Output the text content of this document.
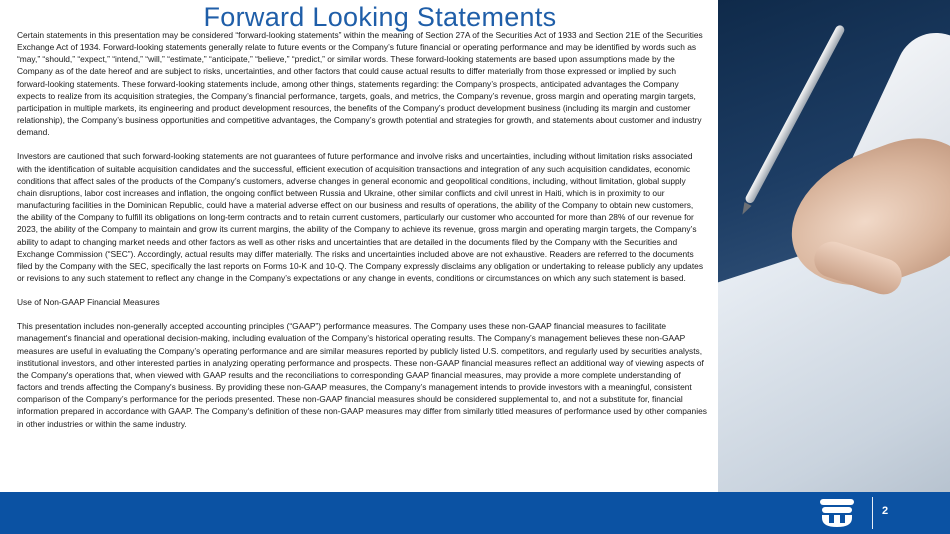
Forward Looking Statements

Certain statements in this presentation may be considered “forward-looking statements” within the meaning of Section 27A of the Securities Act of 1933 and Section 21E of the Securities Exchange Act of 1934. Forward-looking statements generally relate to future events or the Company’s future financial or operating performance and may be identified by words such as “may,” “should,” “expect,” “intend,” “will,” “estimate,” “anticipate,” “believe,” “predict,” or similar words. These forward-looking statements are based upon assumptions made by the Company as of the date hereof and are subject to risks, uncertainties, and other factors that could cause actual results to differ materially from those expressed or implied by such forward-looking statements. These forward-looking statements include, among other things, statements regarding: the Company’s prospects, anticipated advantages the Company expects to realize from its acquisition strategies, the Company’s financial performance, targets, goals, and metrics, the Company’s revenue, gross margin and operating margin targets, participation in multiple markets, its engineering and product development resources, the benefits of the Company’s product development business (including its margin and customer relationship), the Company’s business opportunities and competitive advantages, the Company’s growth potential and strategies for growth, and statements about customer and industry demand.

Investors are cautioned that such forward-looking statements are not guarantees of future performance and involve risks and uncertainties, including without limitation risks associated with the identification of suitable acquisition candidates and the successful, efficient execution of acquisition transactions and integration of any such acquisition candidates, economic conditions that affect sales of the products of the Company’s customers, adverse changes in general economic and geopolitical conditions, including, without limitation, global supply chain disruptions, labor cost increases and inflation, the ongoing conflict between Russia and Ukraine, other similar conflicts and civil unrest in Haiti, which is in proximity to our manufacturing facilities in the Dominican Republic, could have a material adverse effect on our business and results of operations, the ability of the Company to obtain new customers, the ability of the Company to fulfill its obligations on long-term contracts and to retain current customers, particularly our customer who accounted for more than 28% of our revenue for 2023, the ability of the Company to maintain and grow its current margins, the ability of the Company to achieve its revenue, gross margin and operating margin targets, the Company’s ability to adapt to changing market needs and other factors as well as other risks and uncertainties that are detailed in the documents filed by the Company with the Securities and Exchange Commission (“SEC”). Accordingly, actual results may differ materially. The risks and uncertainties included above are not exhaustive. Readers are referred to the documents filed by the Company with the SEC, specifically the last reports on Forms 10-K and 10-Q. The Company expressly disclaims any obligation or undertaking to release publicly any updates or revisions to any such statement to reflect any change in the Company’s expectations or any change in events, conditions or circumstances on which any such statement is based.

Use of Non-GAAP Financial Measures

This presentation includes non-generally accepted accounting principles (“GAAP”) performance measures. The Company uses these non-GAAP financial measures to facilitate management's financial and operational decision-making, including evaluation of the Company’s historical operating results. The Company’s management believes these non-GAAP measures are useful in evaluating the Company’s operating performance and are similar measures reported by publicly listed U.S. competitors, and regularly used by securities analysts, institutional investors, and other interested parties in analyzing operating performance and prospects. These non-GAAP financial measures reflect an additional way of viewing aspects of the Company's operations that, when viewed with GAAP results and the reconciliations to corresponding GAAP financial measures, may provide a more complete understanding of factors and trends affecting the Company's business. By providing these non-GAAP measures, the Company’s management intends to provide investors with a meaningful, consistent comparison of the Company’s performance for the periods presented. These non-GAAP financial measures should be considered supplemental to, and not a substitute for, financial information prepared in accordance with GAAP. The Company's definition of these non-GAAP measures may differ from similarly titled measures of performance used by other companies in other industries or within the same industry.

2
